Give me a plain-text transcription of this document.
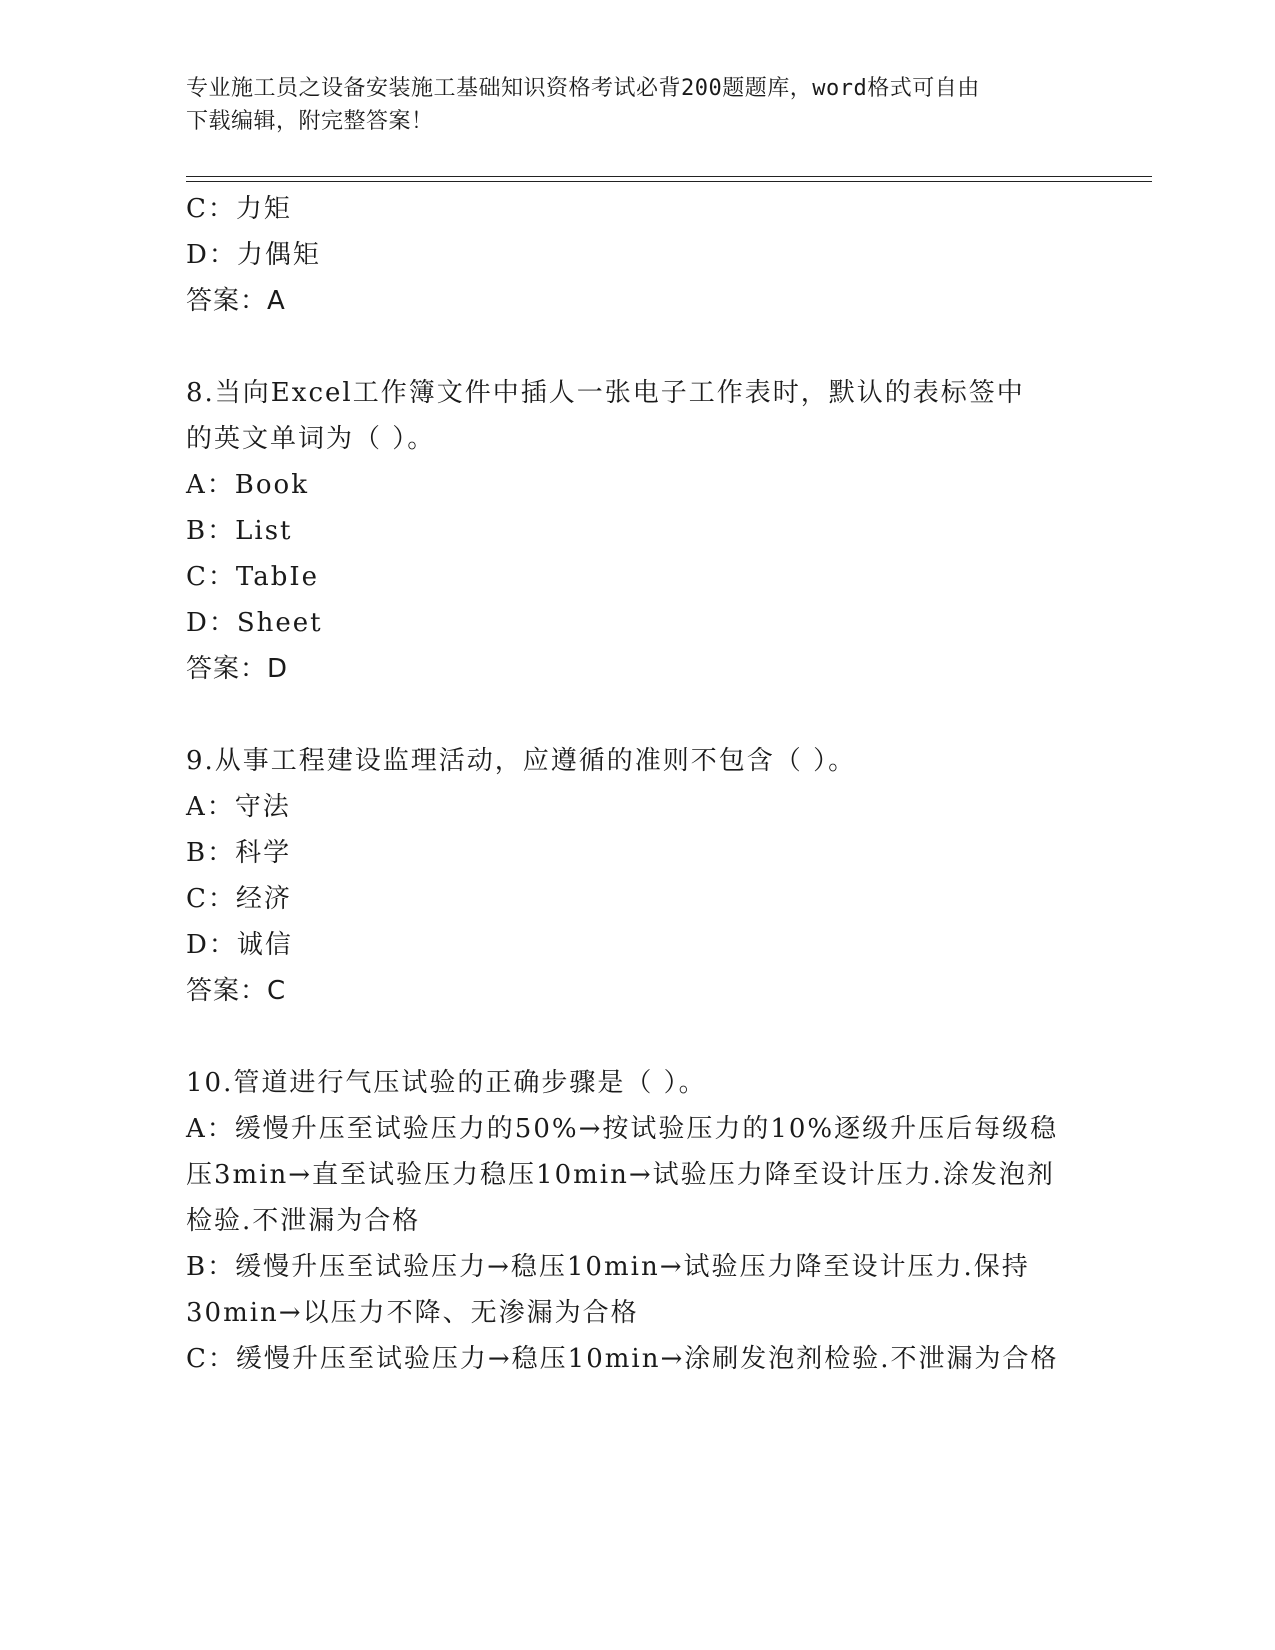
专业施工员之设备安装施工基础知识资格考试必背200题题库，word格式可自由
下载编辑，附完整答案！
C：力矩
D：力偶矩
答案：A
8.当向Excel工作簿文件中插人一张电子工作表时，默认的表标签中
的英文单词为（ ）。
A：Book
B：List
C：TabIe
D：Sheet
答案：D
9.从事工程建设监理活动，应遵循的准则不包含（ ）。
A：守法
B：科学
C：经济
D：诚信
答案：C
10.管道进行气压试验的正确步骤是（ ）。
A：缓慢升压至试验压力的50%→按试验压力的10%逐级升压后每级稳
压3min→直至试验压力稳压10min→试验压力降至设计压力.涂发泡剂
检验.不泄漏为合格
B：缓慢升压至试验压力→稳压10min→试验压力降至设计压力.保持
30min→以压力不降、无渗漏为合格
C：缓慢升压至试验压力→稳压10min→涂刷发泡剂检验.不泄漏为合格
